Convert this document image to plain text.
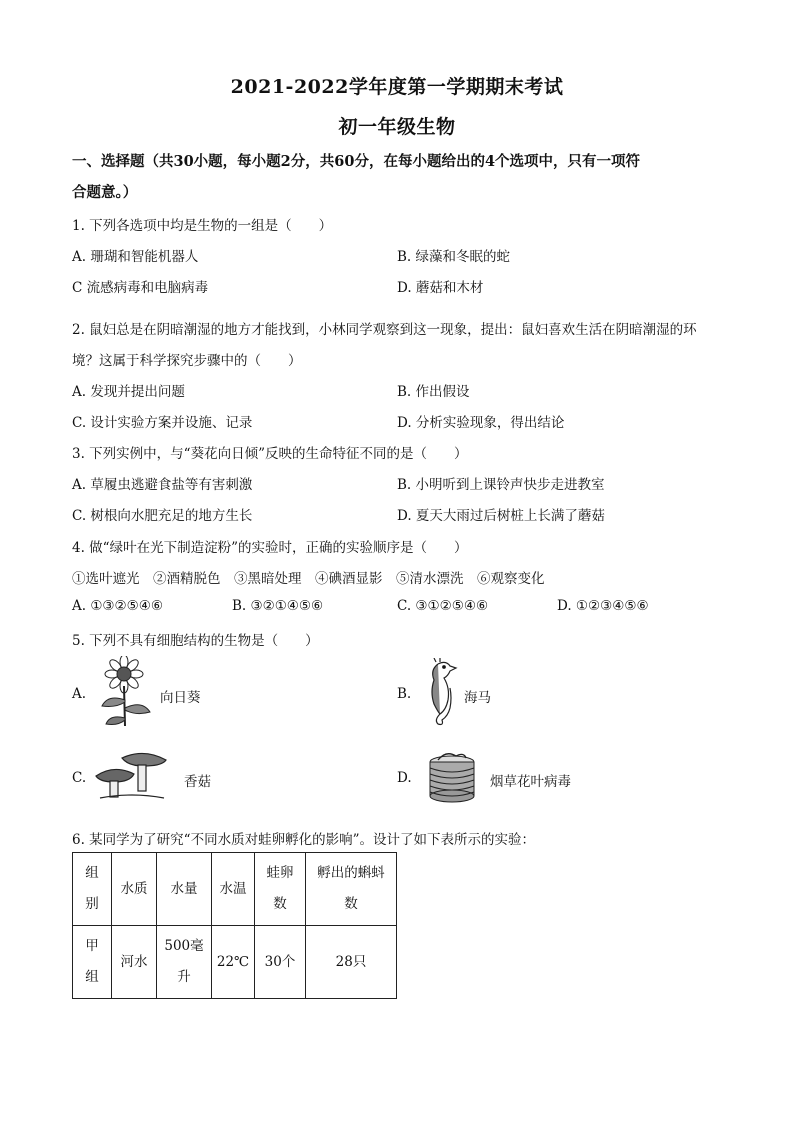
2021-2022学年度第一学期期末考试
初一年级生物
一、选择题（共30小题，每小题2分，共60分，在每小题给出的4个选项中，只有一项符
合题意。）
1. 下列各选项中均是生物的一组是（　　）
A. 珊瑚和智能机器人	B. 绿藻和冬眠的蛇
C 流感病毒和电脑病毒	D. 蘑菇和木材
2. 鼠妇总是在阴暗潮湿的地方才能找到，小林同学观察到这一现象，提出：鼠妇喜欢生活在阴暗潮湿的环
境？这属于科学探究步骤中的（　　）
A. 发现并提出问题	B. 作出假设
C. 设计实验方案并设施、记录	D. 分析实验现象，得出结论
3. 下列实例中，与“葵花向日倾”反映的生命特征不同的是（　　）
A. 草履虫逃避食盐等有害刺激	B. 小明听到上课铃声快步走进教室
C. 树根向水肥充足的地方生长	D. 夏天大雨过后树桩上长满了蘑菇
4. 做“绿叶在光下制造淀粉”的实验时，正确的实验顺序是（　　）
①选叶遮光　②酒精脱色　③黑暗处理　④碘酒显影　⑤清水漂洗　⑥观察变化
A. ①③②⑤④⑥	B. ③②①④⑤⑥	C. ③①②⑤④⑥	D. ①②③④⑤⑥
5. 下列不具有细胞结构的生物是（　　）
A.	向日葵	B.	海马
C.	香菇	D.	烟草花叶病毒
6. 某同学为了研究“不同水质对蛙卵孵化的影响”。设计了如下表所示的实验：
组别	水质	水量	水温	蛙卵数	孵出的蝌蚪数
甲组	河水	500毫升	22℃	30个	28只
